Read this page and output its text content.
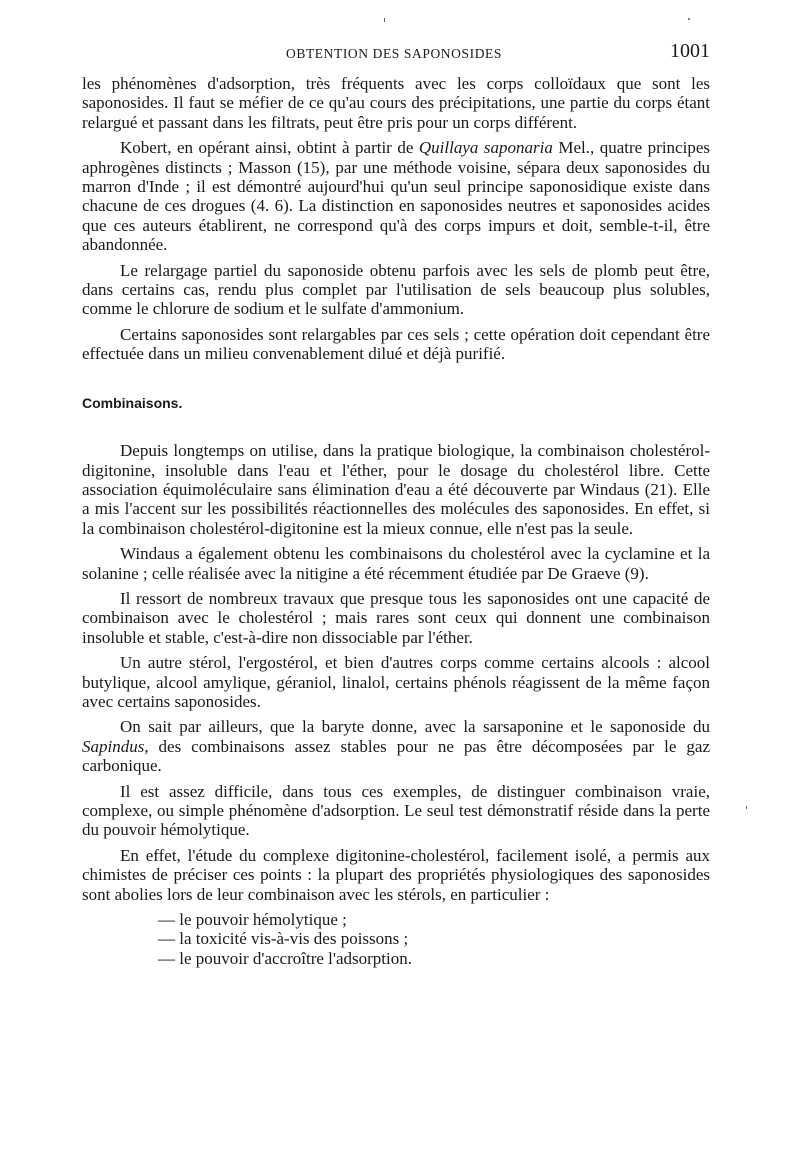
OBTENTION DES SAPONOSIDES	1001

les phénomènes d'adsorption, très fréquents avec les corps colloïdaux que sont les saponosides. Il faut se méfier de ce qu'au cours des précipitations, une partie du corps étant relargué et passant dans les filtrats, peut être pris pour un corps différent.

Kobert, en opérant ainsi, obtint à partir de Quillaya saponaria Mel., quatre principes aphrogènes distincts ; Masson (15), par une méthode voisine, sépara deux saponosides du marron d'Inde ; il est démontré aujourd'hui qu'un seul principe saponosidique existe dans chacune de ces drogues (4. 6). La distinction en saponosides neutres et saponosides acides que ces auteurs établirent, ne correspond qu'à des corps impurs et doit, semble-t-il, être abandonnée.

Le relargage partiel du saponoside obtenu parfois avec les sels de plomb peut être, dans certains cas, rendu plus complet par l'utilisation de sels beaucoup plus solubles, comme le chlorure de sodium et le sulfate d'ammonium.

Certains saponosides sont relargables par ces sels ; cette opération doit cependant être effectuée dans un milieu convenablement dilué et déjà purifié.

Combinaisons.

Depuis longtemps on utilise, dans la pratique biologique, la combinaison cholestérol-digitonine, insoluble dans l'eau et l'éther, pour le dosage du cholestérol libre. Cette association équimoléculaire sans élimination d'eau a été découverte par Windaus (21). Elle a mis l'accent sur les possibilités réactionnelles des molécules des saponosides. En effet, si la combinaison cholestérol-digitonine est la mieux connue, elle n'est pas la seule.

Windaus a également obtenu les combinaisons du cholestérol avec la cyclamine et la solanine ; celle réalisée avec la nitigine a été récemment étudiée par De Graeve (9).

Il ressort de nombreux travaux que presque tous les saponosides ont une capacité de combinaison avec le cholestérol ; mais rares sont ceux qui donnent une combinaison insoluble et stable, c'est-à-dire non dissociable par l'éther.

Un autre stérol, l'ergostérol, et bien d'autres corps comme certains alcools : alcool butylique, alcool amylique, géraniol, linalol, certains phénols réagissent de la même façon avec certains saponosides.

On sait par ailleurs, que la baryte donne, avec la sarsaponine et le saponoside du Sapindus, des combinaisons assez stables pour ne pas être décomposées par le gaz carbonique.

Il est assez difficile, dans tous ces exemples, de distinguer combinaison vraie, complexe, ou simple phénomène d'adsorption. Le seul test démonstratif réside dans la perte du pouvoir hémolytique.

En effet, l'étude du complexe digitonine-cholestérol, facilement isolé, a permis aux chimistes de préciser ces points : la plupart des propriétés physiologiques des saponosides sont abolies lors de leur combinaison avec les stérols, en particulier :

— le pouvoir hémolytique ;
— la toxicité vis-à-vis des poissons ;
— le pouvoir d'accroître l'adsorption.
